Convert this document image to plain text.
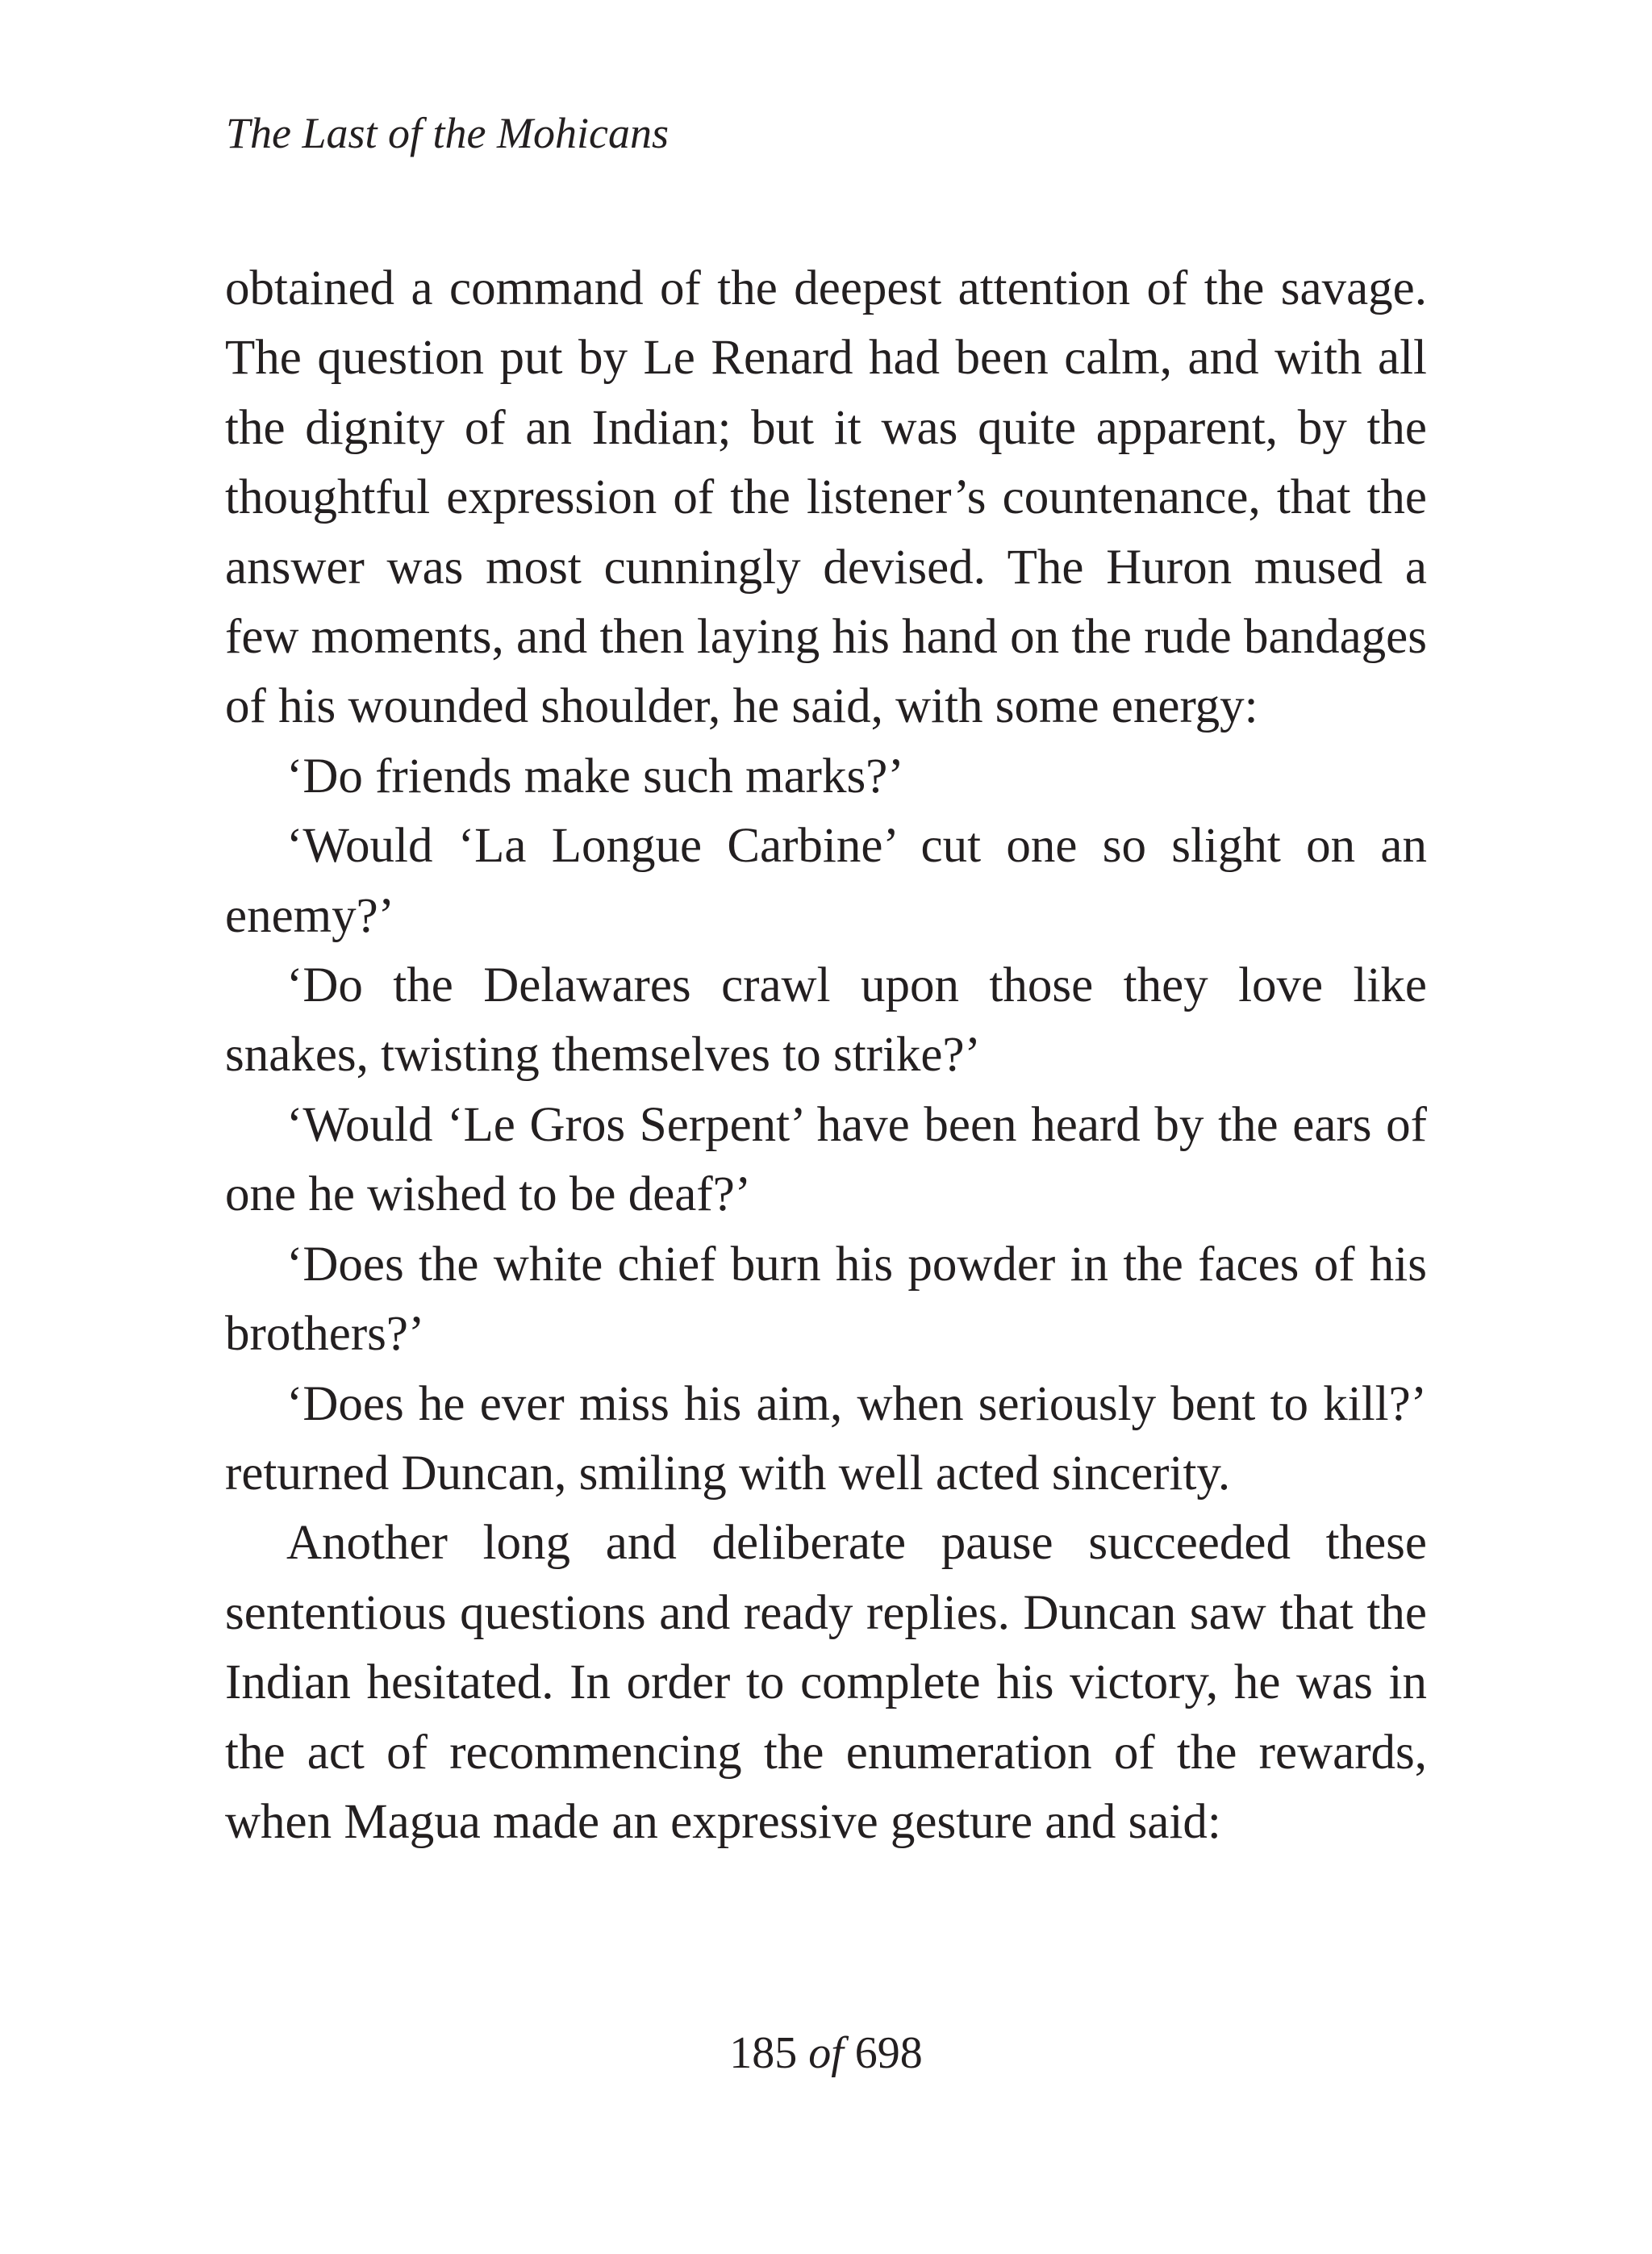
The Last of the Mohicans

obtained a command of the deepest attention of the savage. The question put by Le Renard had been calm, and with all the dignity of an Indian; but it was quite apparent, by the thoughtful expression of the listener’s countenance, that the answer was most cunningly devised. The Huron mused a few moments, and then laying his hand on the rude bandages of his wounded shoulder, he said, with some energy:

‘Do friends make such marks?’

‘Would ‘La Longue Carbine’ cut one so slight on an enemy?’

‘Do the Delawares crawl upon those they love like snakes, twisting themselves to strike?’

‘Would ‘Le Gros Serpent’ have been heard by the ears of one he wished to be deaf?’

‘Does the white chief burn his powder in the faces of his brothers?’

‘Does he ever miss his aim, when seriously bent to kill?’ returned Duncan, smiling with well acted sincerity.

Another long and deliberate pause succeeded these sententious questions and ready replies. Duncan saw that the Indian hesitated. In order to complete his victory, he was in the act of recommencing the enumeration of the rewards, when Magua made an expressive gesture and said:

185 of 698
